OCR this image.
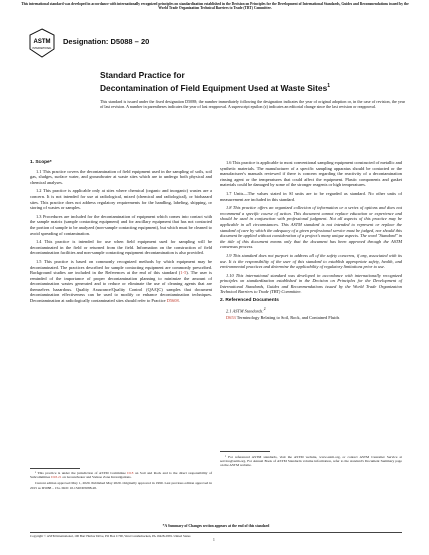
This international standard was developed in accordance with internationally recognized principles on standardization established in the Decision on Principles for the Development of International Standards, Guides and Recommendations issued by the World Trade Organization Technical Barriers to Trade (TBT) Committee.
ASTM
INTERNATIONAL
Designation: D5088 – 20
Standard Practice for
Decontamination of Field Equipment Used at Waste Sites$^1$
This standard is issued under the fixed designation D5088; the number immediately following the designation indicates the year of original adoption or, in the case of revision, the year of last revision. A number in parentheses indicates the year of last reapproval. A superscript epsilon (ε) indicates an editorial change since the last revision or reapproval.

1. Scope*

1.1 This practice covers the decontamination of field equipment used in the sampling of soils, soil gas, sludges, surface water, and groundwater at waste sites which are to undergo both physical and chemical analyses.

1.2 This practice is applicable only at sites where chemical (organic and inorganic) wastes are a concern. It is not intended for use at radiological, mixed (chemical and radiological), or biohazard sites. This practice does not address regulatory requirements for the handling, labeling, shipping, or storing of wastes or samples.

1.3 Procedures are included for the decontamination of equipment which comes into contact with the sample matrix (sample contacting equipment) and for ancillary equipment that has not contacted the portion of sample to be analyzed (non-sample contacting equipment), but which must be cleaned to avoid spreading of contamination.

1.4 This practice is intended for use when field equipment used for sampling will be decontaminated in the field or returned from the field. Information on the construction of field decontamination facilities and non-sample contacting equipment decontamination is also provided.

1.5 This practice is based on commonly recognized methods by which equipment may be decontaminated. The practices described for sample contacting equipment are commonly prescribed. Background studies are included in the References at the end of this standard (1-5). The user is reminded of the importance of proper decontamination planning to minimize the amount of decontamination wastes generated and to reduce or eliminate the use of cleaning agents that are themselves hazardous. Quality Assurance/Quality Control (QA/QC) samples that document decontamination effectiveness can be used to modify or enhance decontamination techniques. Decontamination at radiologically contaminated sites should refer to Practice D5608.

1.6 This practice is applicable to most conventional sampling equipment constructed of metallic and synthetic materials. The manufacturer of a specific sampling apparatus should be contacted or the manufacturer's manuals reviewed if there is concern regarding the reactivity of a decontamination rinsing agent or the temperatures that could affect the equipment. Plastic components and gasket materials could be damaged by some of the stronger reagents or high temperatures.

1.7 Units—The values stated in SI units are to be regarded as standard. No other units of measurement are included in this standard.

1.8 This practice offers an organized collection of information or a series of options and does not recommend a specific course of action. This document cannot replace education or experience and should be used in conjunction with professional judgment. Not all aspects of this practice may be applicable in all circumstances. This ASTM standard is not intended to represent or replace the standard of care by which the adequacy of a given professional service must be judged, nor should this document be applied without consideration of a project's many unique aspects. The word "Standard" in the title of this document means only that the document has been approved through the ASTM consensus process.

1.9 This standard does not purport to address all of the safety concerns, if any, associated with its use. It is the responsibility of the user of this standard to establish appropriate safety, health, and environmental practices and determine the applicability of regulatory limitations prior to use.

1.10 This international standard was developed in accordance with internationally recognized principles on standardization established in the Decision on Principles for the Development of International Standards, Guides and Recommendations issued by the World Trade Organization Technical Barriers to Trade (TBT) Committee.

2. Referenced Documents

2.1 ASTM Standards:$^2$

D653 Terminology Relating to Soil, Rock, and Contained Fluids

¹ This practice is under the jurisdiction of ASTM Committee D18 on Soil and Rock and is the direct responsibility of Subcommittee D18.21 on Groundwater and Vadose Zone Investigations.

Current edition approved May 1, 2020. Published May 2020. Originally approved in 1990. Last previous edition approved in 2015 as D5088 – 15a. DOI: 10.1520/D5088-20.

² For referenced ASTM standards, visit the ASTM website, www.astm.org, or contact ASTM Customer Service at service@astm.org. For Annual Book of ASTM Standards volume information, refer to the standard's Document Summary page on the ASTM website.

*A Summary of Changes section appears at the end of this standard
Copyright © ASTM International, 100 Barr Harbor Drive, PO Box C700, West Conshohocken, PA 19428-2959. United States
1
